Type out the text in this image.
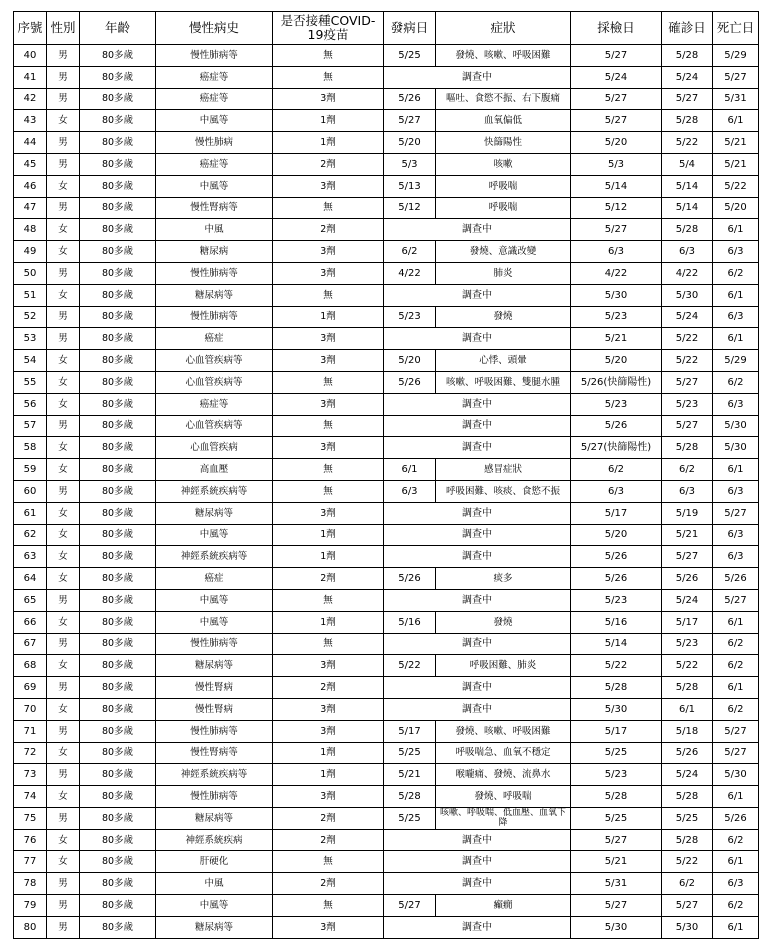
序號	性別	年齡	慢性病史	是否接種COVID-19疫苗	發病日	症狀	採檢日	確診日	死亡日
40	男	80多歲	慢性肺病等	無	5/25	發燒、咳嗽、呼吸困難	5/27	5/28	5/29
41	男	80多歲	癌症等	無	調查中		5/24	5/24	5/27
42	男	80多歲	癌症等	3劑	5/26	嘔吐、食慾不振、右下腹痛	5/27	5/27	5/31
43	女	80多歲	中風等	1劑	5/27	血氧偏低	5/27	5/28	6/1
44	男	80多歲	慢性肺病	1劑	5/20	快篩陽性	5/20	5/22	5/21
45	男	80多歲	癌症等	2劑	5/3	咳嗽	5/3	5/4	5/21
46	女	80多歲	中風等	3劑	5/13	呼吸喘	5/14	5/14	5/22
47	男	80多歲	慢性腎病等	無	5/12	呼吸喘	5/12	5/14	5/20
48	女	80多歲	中風	2劑	調查中		5/27	5/28	6/1
49	女	80多歲	糖尿病	3劑	6/2	發燒、意識改變	6/3	6/3	6/3
50	男	80多歲	慢性肺病等	3劑	4/22	肺炎	4/22	4/22	6/2
51	女	80多歲	糖尿病等	無	調查中		5/30	5/30	6/1
52	男	80多歲	慢性肺病等	1劑	5/23	發燒	5/23	5/24	6/3
53	男	80多歲	癌症	3劑	調查中		5/21	5/22	6/1
54	女	80多歲	心血管疾病等	3劑	5/20	心悸、頭暈	5/20	5/22	5/29
55	女	80多歲	心血管疾病等	無	5/26	咳嗽、呼吸困難、雙腿水腫	5/26(快篩陽性)	5/27	6/2
56	女	80多歲	癌症等	3劑	調查中		5/23	5/23	6/3
57	男	80多歲	心血管疾病等	無	調查中		5/26	5/27	5/30
58	女	80多歲	心血管疾病	3劑	調查中		5/27(快篩陽性)	5/28	5/30
59	女	80多歲	高血壓	無	6/1	感冒症狀	6/2	6/2	6/1
60	男	80多歲	神經系統疾病等	無	6/3	呼吸困難、咳痰、食慾不振	6/3	6/3	6/3
61	女	80多歲	糖尿病等	3劑	調查中		5/17	5/19	5/27
62	女	80多歲	中風等	1劑	調查中		5/20	5/21	6/3
63	女	80多歲	神經系統疾病等	1劑	調查中		5/26	5/27	6/3
64	女	80多歲	癌症	2劑	5/26	痰多	5/26	5/26	5/26
65	男	80多歲	中風等	無	調查中		5/23	5/24	5/27
66	女	80多歲	中風等	1劑	5/16	發燒	5/16	5/17	6/1
67	男	80多歲	慢性肺病等	無	調查中		5/14	5/23	6/2
68	女	80多歲	糖尿病等	3劑	5/22	呼吸困難、肺炎	5/22	5/22	6/2
69	男	80多歲	慢性腎病	2劑	調查中		5/28	5/28	6/1
70	女	80多歲	慢性腎病	3劑	調查中		5/30	6/1	6/2
71	男	80多歲	慢性肺病等	3劑	5/17	發燒、咳嗽、呼吸困難	5/17	5/18	5/27
72	女	80多歲	慢性腎病等	1劑	5/25	呼吸喘急、血氧不穩定	5/25	5/26	5/27
73	男	80多歲	神經系統疾病等	1劑	5/21	喉嚨痛、發燒、流鼻水	5/23	5/24	5/30
74	女	80多歲	慢性肺病等	3劑	5/28	發燒、呼吸喘	5/28	5/28	6/1
75	男	80多歲	糖尿病等	2劑	5/25	咳嗽、呼吸喘、低血壓、血氧下降	5/25	5/25	5/26
76	女	80多歲	神經系統疾病	2劑	調查中		5/27	5/28	6/2
77	女	80多歲	肝硬化	無	調查中		5/21	5/22	6/1
78	男	80多歲	中風	2劑	調查中		5/31	6/2	6/3
79	男	80多歲	中風等	無	5/27	癲癇	5/27	5/27	6/2
80	男	80多歲	糖尿病等	3劑	調查中		5/30	5/30	6/1
